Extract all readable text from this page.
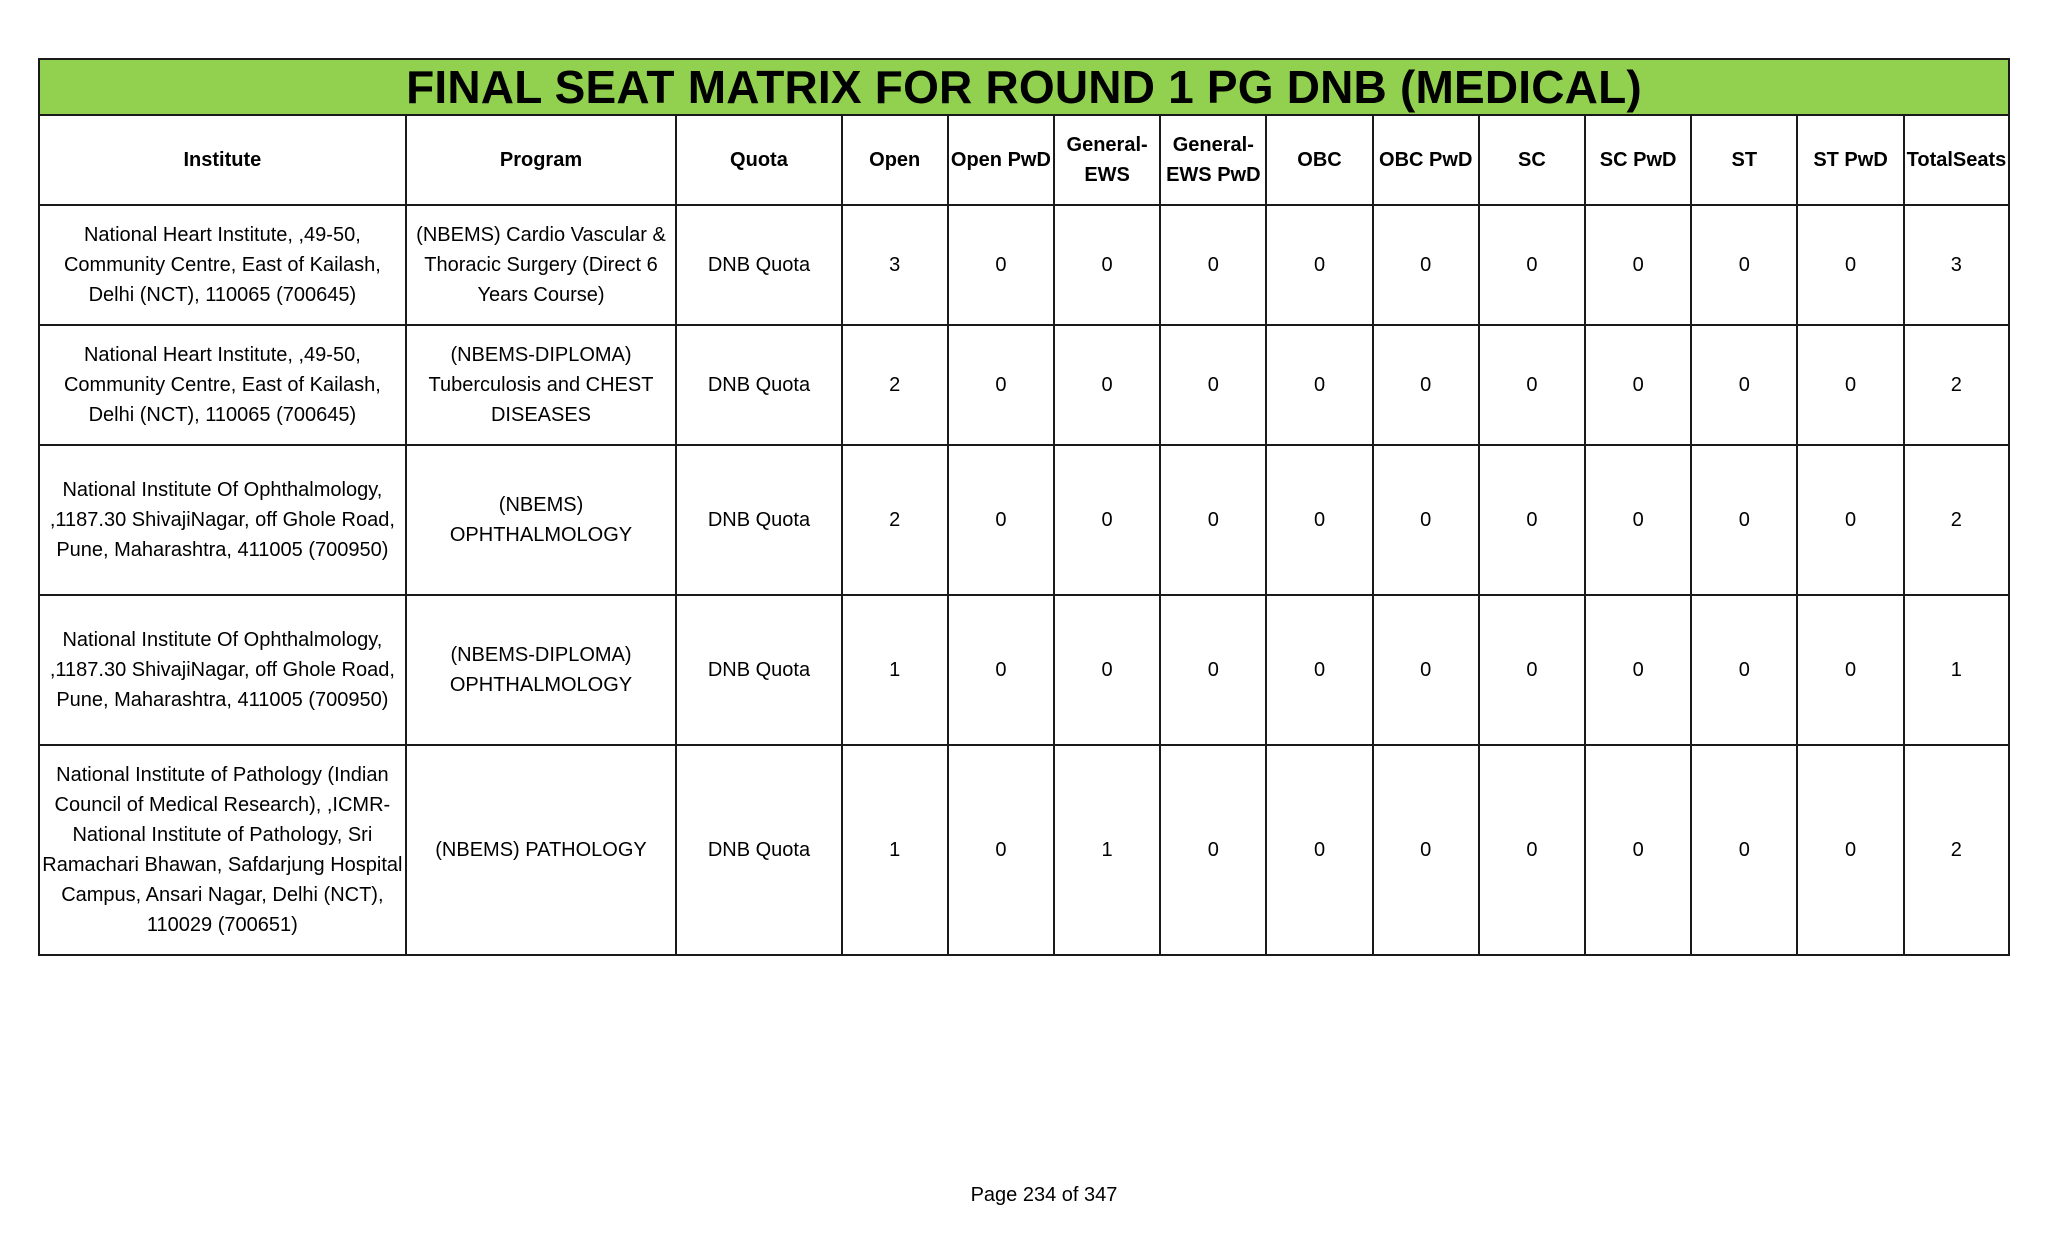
FINAL SEAT MATRIX FOR ROUND 1 PG DNB (MEDICAL)													
Institute	Program	Quota	Open	Open PwD	General-EWS	General-EWS PwD	OBC	OBC PwD	SC	SC PwD	ST	ST PwD	TotalSeats
National Heart Institute, ,49-50, Community Centre, East of Kailash, Delhi (NCT), 110065 (700645)	(NBEMS) Cardio Vascular & Thoracic Surgery (Direct 6 Years Course)	DNB Quota	3	0	0	0	0	0	0	0	0	0	3
National Heart Institute, ,49-50, Community Centre, East of Kailash, Delhi (NCT), 110065 (700645)	(NBEMS-DIPLOMA) Tuberculosis and CHEST DISEASES	DNB Quota	2	0	0	0	0	0	0	0	0	0	2
National Institute Of Ophthalmology, ,1187.30 ShivajiNagar, off Ghole Road, Pune, Maharashtra, 411005 (700950)	(NBEMS) OPHTHALMOLOGY	DNB Quota	2	0	0	0	0	0	0	0	0	0	2
National Institute Of Ophthalmology, ,1187.30 ShivajiNagar, off Ghole Road, Pune, Maharashtra, 411005 (700950)	(NBEMS-DIPLOMA) OPHTHALMOLOGY	DNB Quota	1	0	0	0	0	0	0	0	0	0	1
National Institute of Pathology (Indian Council of Medical Research), ,ICMR-National Institute of Pathology, Sri Ramachari Bhawan, Safdarjung Hospital Campus, Ansari Nagar, Delhi (NCT), 110029 (700651)	(NBEMS) PATHOLOGY	DNB Quota	1	0	1	0	0	0	0	0	0	0	2
Page 234 of 347
